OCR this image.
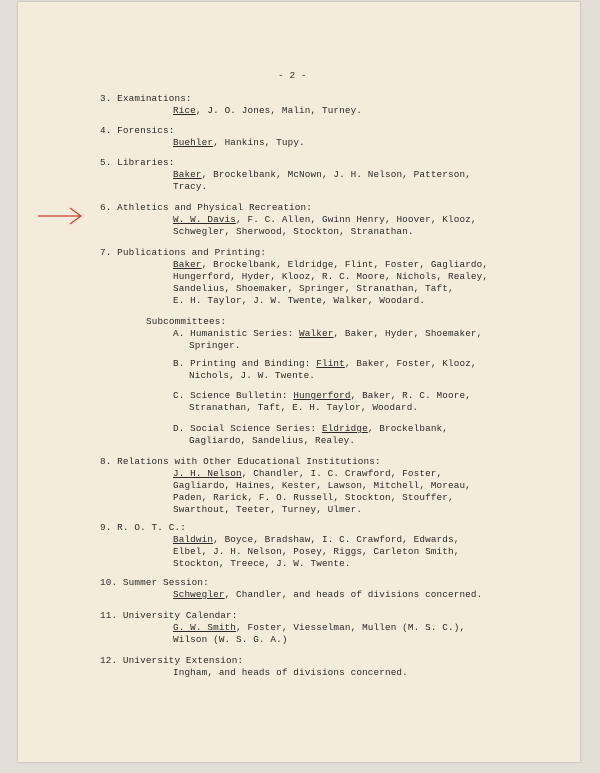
- 2 -
3. Examinations:
Rice, J. O. Jones, Malin, Turney.
4. Forensics:
Buehler, Hankins, Tupy.
5. Libraries:
Baker, Brockelbank, McNown, J. H. Nelson, Patterson,
Tracy.
6. Athletics and Physical Recreation:
W. W. Davis, F. C. Allen, Gwinn Henry, Hoover, Klooz,
Schwegler, Sherwood, Stockton, Stranathan.
7. Publications and Printing:
Baker, Brockelbank, Eldridge, Flint, Foster, Gagliardo,
Hungerford, Hyder, Klooz, R. C. Moore, Nichols, Realey,
Sandelius, Shoemaker, Springer, Stranathan, Taft,
E. H. Taylor, J. W. Twente, Walker, Woodard.
Subcommittees:
A. Humanistic Series: Walker, Baker, Hyder, Shoemaker,
Springer.
B. Printing and Binding: Flint, Baker, Foster, Klooz,
Nichols, J. W. Twente.
C. Science Bulletin: Hungerford, Baker, R. C. Moore,
Stranathan, Taft, E. H. Taylor, Woodard.
D. Social Science Series: Eldridge, Brockelbank,
Gagliardo, Sandelius, Realey.
8. Relations with Other Educational Institutions:
J. H. Nelson, Chandler, I. C. Crawford, Foster,
Gagliardo, Haines, Kester, Lawson, Mitchell, Moreau,
Paden, Rarick, F. O. Russell, Stockton, Stouffer,
Swarthout, Teeter, Turney, Ulmer.
9. R. O. T. C.:
Baldwin, Boyce, Bradshaw, I. C. Crawford, Edwards,
Elbel, J. H. Nelson, Posey, Riggs, Carleton Smith,
Stockton, Treece, J. W. Twente.
10. Summer Session:
Schwegler, Chandler, and heads of divisions concerned.
11. University Calendar:
G. W. Smith, Foster, Viesselman, Mullen (M. S. C.),
Wilson (W. S. G. A.)
12. University Extension:
Ingham, and heads of divisions concerned.
